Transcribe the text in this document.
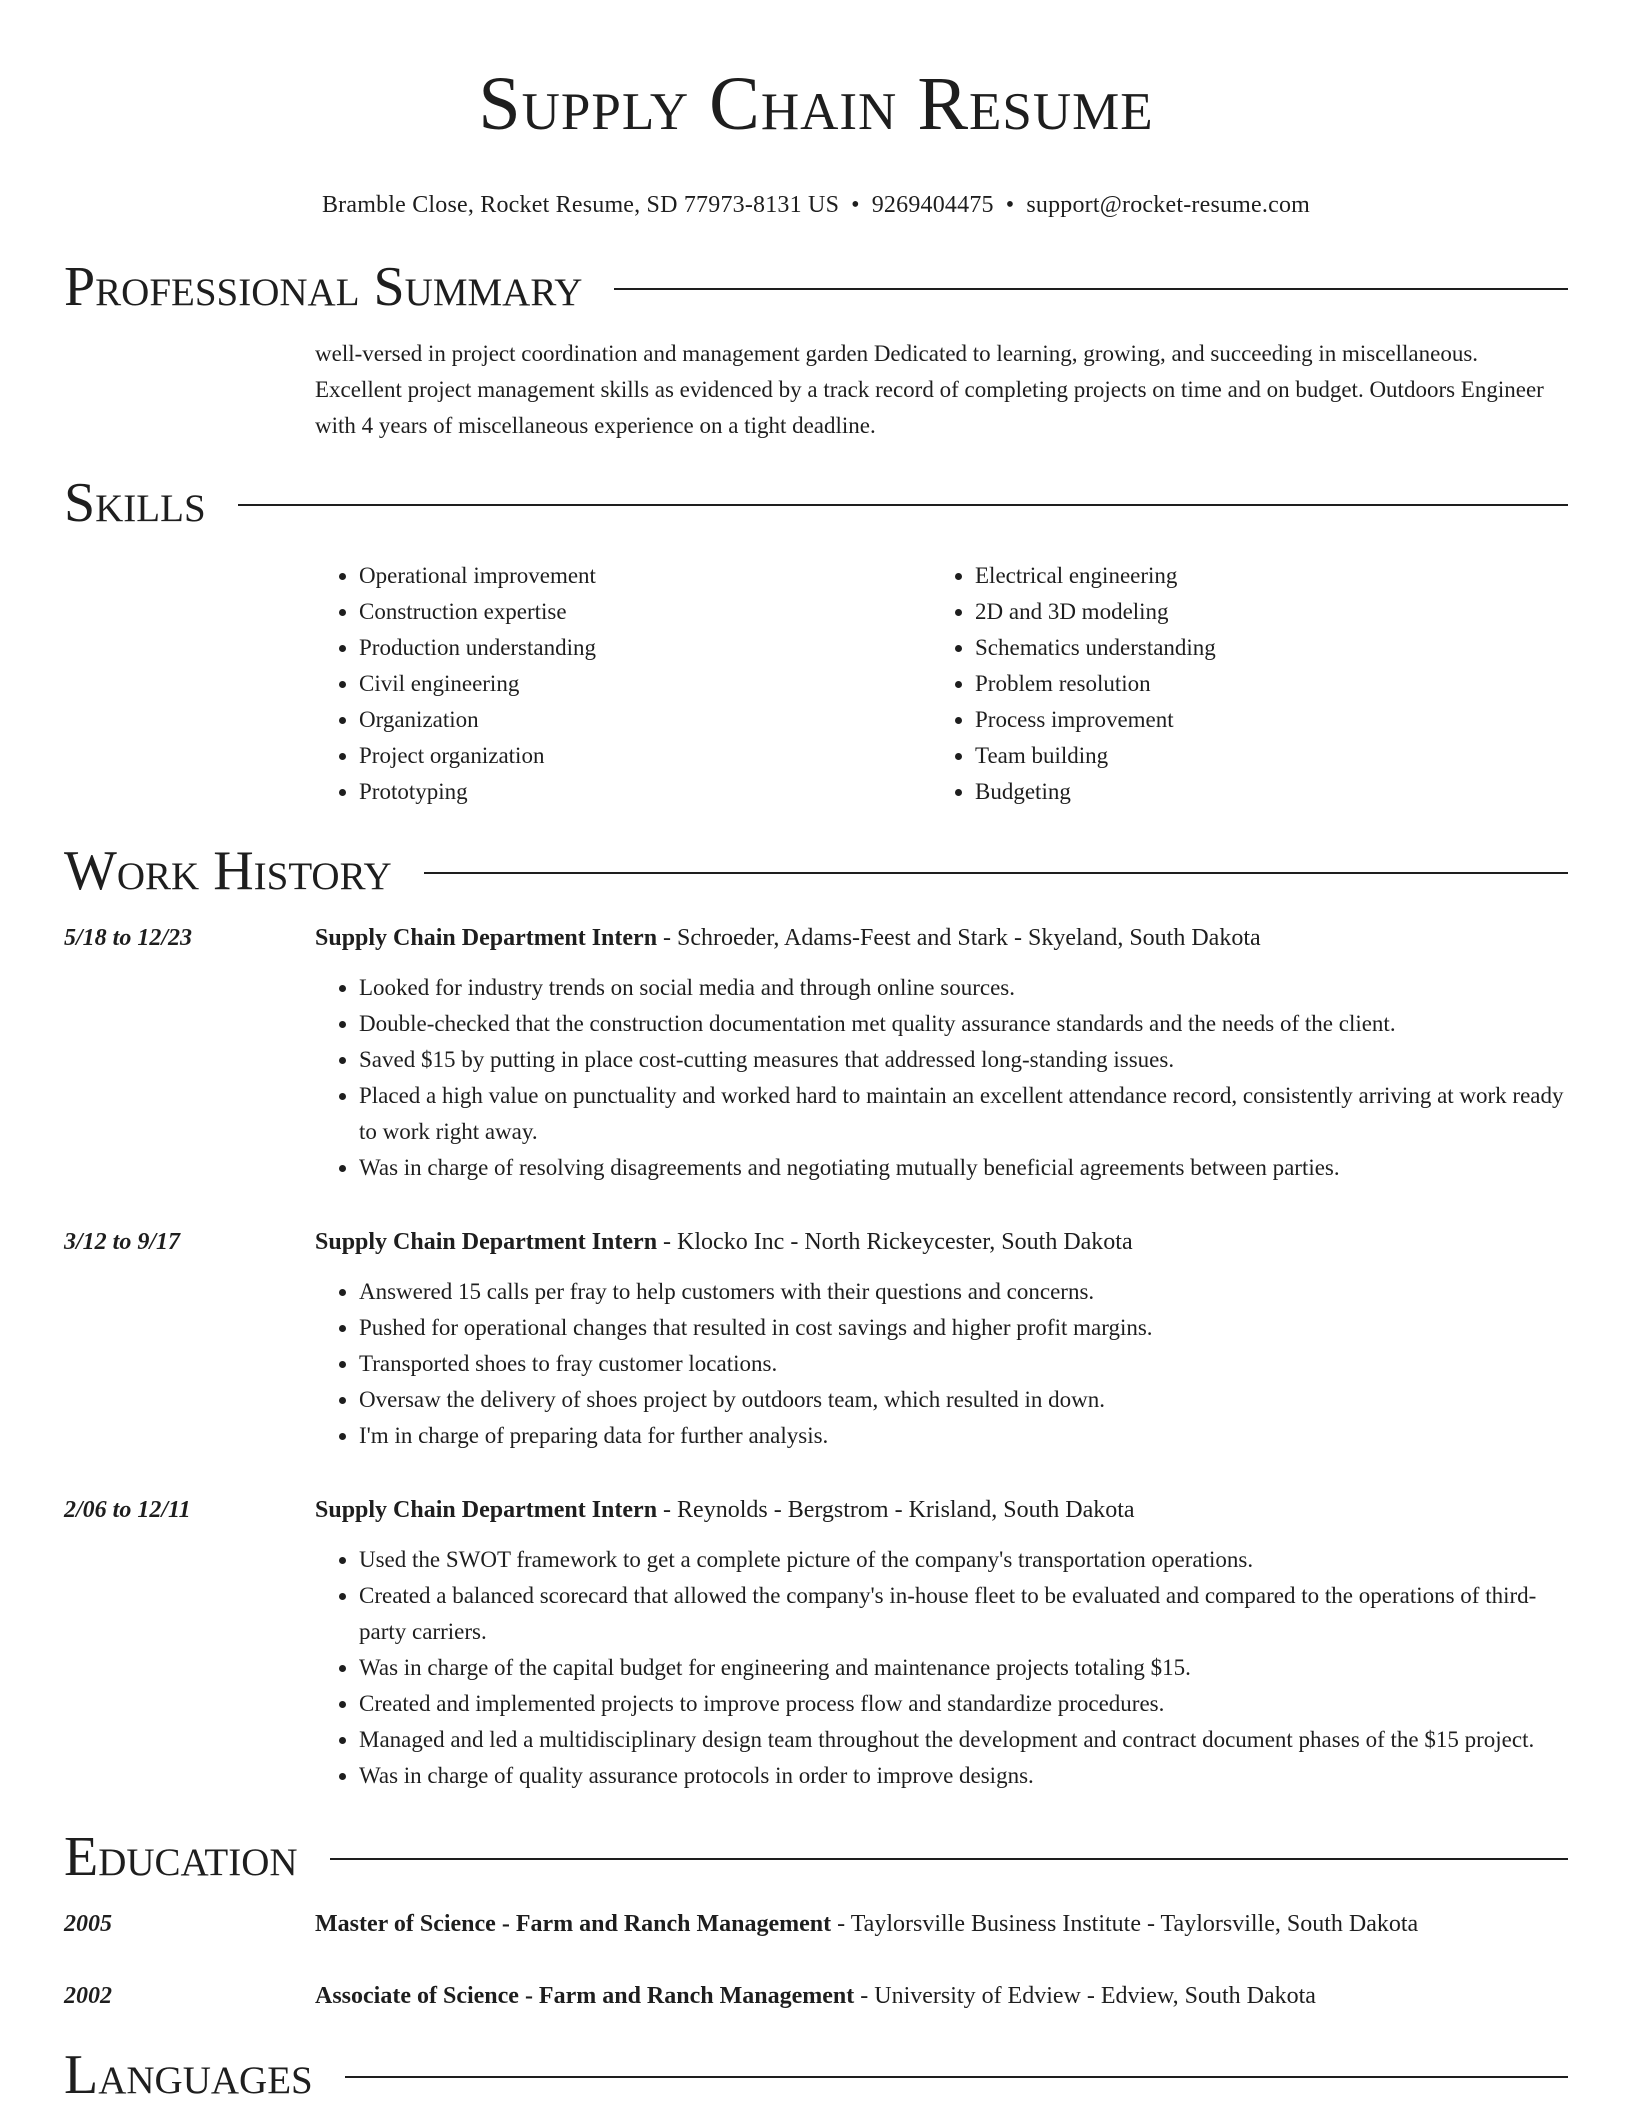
Supply Chain Resume
Bramble Close, Rocket Resume, SD 77973-8131 US • 9269404475 • support@rocket-resume.com
Professional Summary
well-versed in project coordination and management garden Dedicated to learning, growing, and succeeding in miscellaneous. Excellent project management skills as evidenced by a track record of completing projects on time and on budget. Outdoors Engineer with 4 years of miscellaneous experience on a tight deadline.
Skills
• Operational improvement
• Construction expertise
• Production understanding
• Civil engineering
• Organization
• Project organization
• Prototyping
• Electrical engineering
• 2D and 3D modeling
• Schematics understanding
• Problem resolution
• Process improvement
• Team building
• Budgeting
Work History
5/18 to 12/23	Supply Chain Department Intern - Schroeder, Adams-Feest and Stark - Skyeland, South Dakota
• Looked for industry trends on social media and through online sources.
• Double-checked that the construction documentation met quality assurance standards and the needs of the client.
• Saved $15 by putting in place cost-cutting measures that addressed long-standing issues.
• Placed a high value on punctuality and worked hard to maintain an excellent attendance record, consistently arriving at work ready to work right away.
• Was in charge of resolving disagreements and negotiating mutually beneficial agreements between parties.
3/12 to 9/17	Supply Chain Department Intern - Klocko Inc - North Rickeycester, South Dakota
• Answered 15 calls per fray to help customers with their questions and concerns.
• Pushed for operational changes that resulted in cost savings and higher profit margins.
• Transported shoes to fray customer locations.
• Oversaw the delivery of shoes project by outdoors team, which resulted in down.
• I'm in charge of preparing data for further analysis.
2/06 to 12/11	Supply Chain Department Intern - Reynolds - Bergstrom - Krisland, South Dakota
• Used the SWOT framework to get a complete picture of the company's transportation operations.
• Created a balanced scorecard that allowed the company's in-house fleet to be evaluated and compared to the operations of third-party carriers.
• Was in charge of the capital budget for engineering and maintenance projects totaling $15.
• Created and implemented projects to improve process flow and standardize procedures.
• Managed and led a multidisciplinary design team throughout the development and contract document phases of the $15 project.
• Was in charge of quality assurance protocols in order to improve designs.
Education
2005	Master of Science - Farm and Ranch Management - Taylorsville Business Institute - Taylorsville, South Dakota
2002	Associate of Science - Farm and Ranch Management - University of Edview - Edview, South Dakota
Languages
